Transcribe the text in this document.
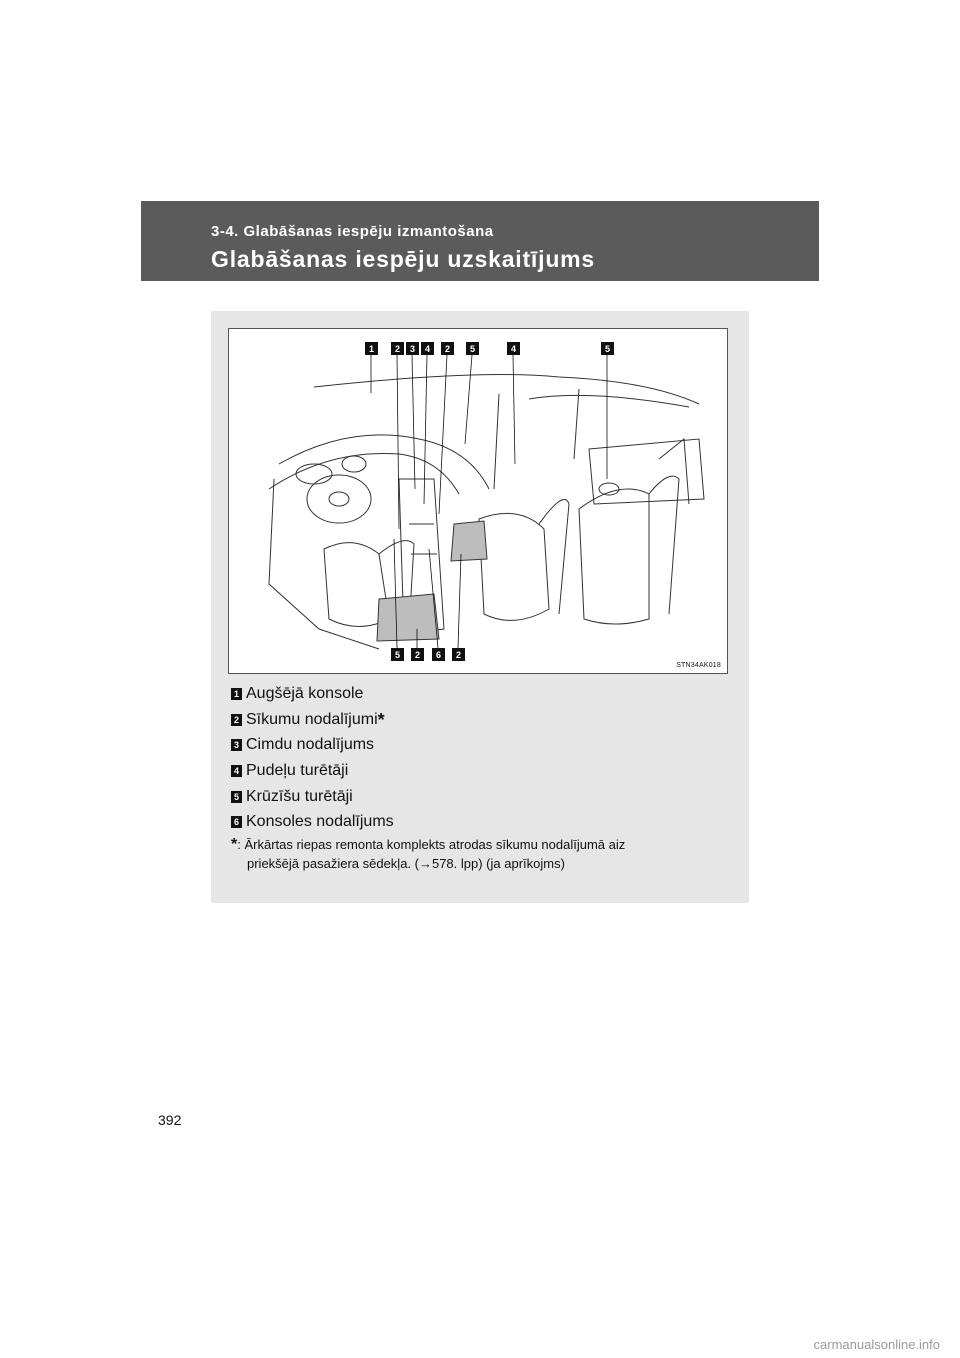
3-4. Glabāšanas iespēju izmantošana
Glabāšanas iespēju uzskaitījums
1 2 3 4 2 5	4	5
5 2 6 2
STN34AK018
1 Augšējā konsole
2 Sīkumu nodalījumi *
3 Cimdu nodalījums
4 Pudeļu turētāji
5 Krūzīšu turētāji
6 Konsoles nodalījums
*: Ārkārtas riepas remonta komplekts atrodas sīkumu nodalījumā aiz
priekšējā pasažiera sēdekļa. (→578. lpp) (ja aprīkojms)
392
carmanualsonline.info
